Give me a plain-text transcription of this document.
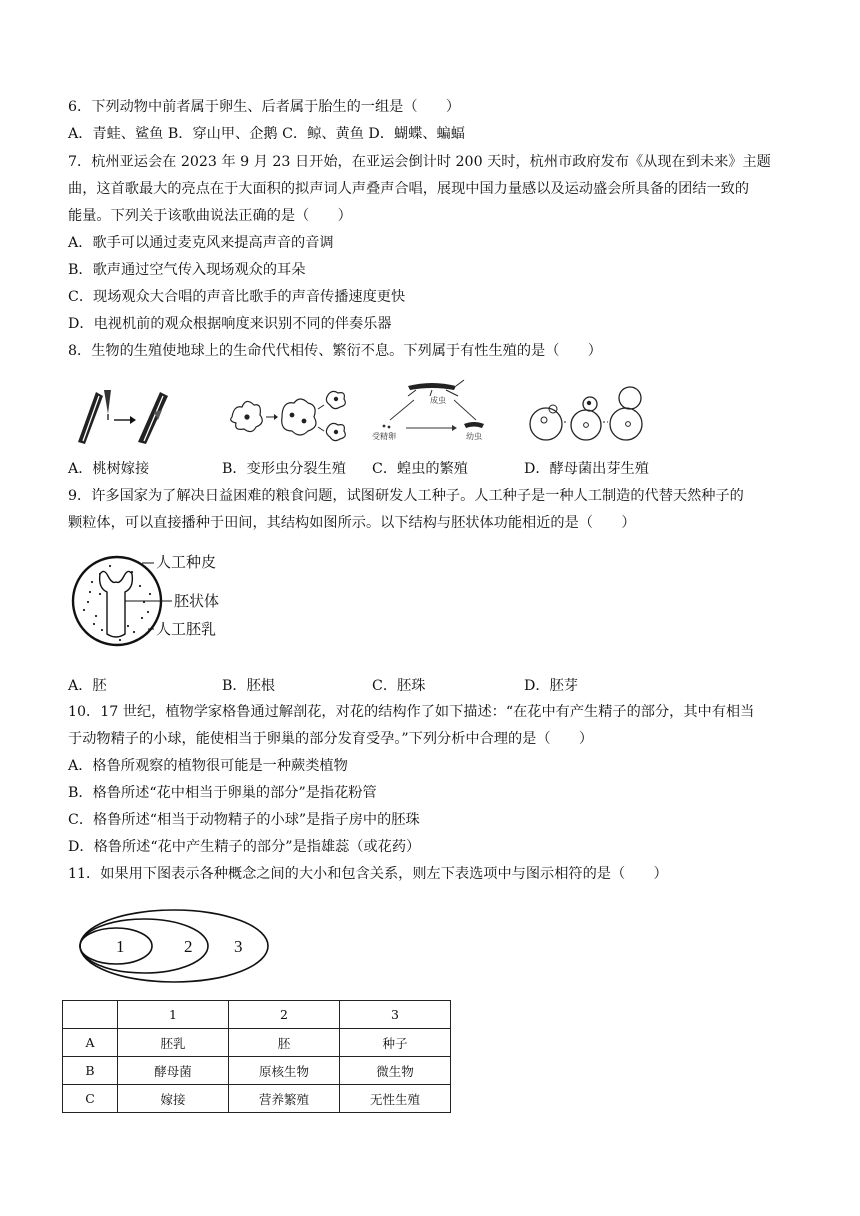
6．下列动物中前者属于卵生、后者属于胎生的一组是（　　）
A．青蛙、鲨鱼 B．穿山甲、企鹅 C．鲸、黄鱼 D．蝴蝶、蝙蝠
7．杭州亚运会在 2023 年 9 月 23 日开始，在亚运会倒计时 200 天时，杭州市政府发布《从现在到未来》主题
曲，这首歌最大的亮点在于大面积的拟声词人声叠声合唱，展现中国力量感以及运动盛会所具备的团结一致的
能量。下列关于该歌曲说法正确的是（　　）
A．歌手可以通过麦克风来提高声音的音调
B．歌声通过空气传入现场观众的耳朵
C．现场观众大合唱的声音比歌手的声音传播速度更快
D．电视机前的观众根据响度来识别不同的伴奏乐器
8．生物的生殖使地球上的生命代代相传、繁衍不息。下列属于有性生殖的是（　　）
成虫
受精卵	幼虫
A．桃树嫁接	B．变形虫分裂生殖 C．蝗虫的繁殖	D．酵母菌出芽生殖
9．许多国家为了解决日益困难的粮食问题，试图研发人工种子。人工种子是一种人工制造的代替天然种子的
颗粒体，可以直接播种于田间，其结构如图所示。以下结构与胚状体功能相近的是（　　）
人工种皮
胚状体
人工胚乳
A．胚	B．胚根	C．胚珠	D．胚芽
10．17 世纪，植物学家格鲁通过解剖花，对花的结构作了如下描述：“在花中有产生精子的部分，其中有相当
于动物精子的小球，能使相当于卵巢的部分发育受孕。”下列分析中合理的是（　　）
A．格鲁所观察的植物很可能是一种蕨类植物
B．格鲁所述“花中相当于卵巢的部分”是指花粉管
C．格鲁所述“相当于动物精子的小球”是指子房中的胚珠
D．格鲁所述“花中产生精子的部分”是指雄蕊（或花药）
11．如果用下图表示各种概念之间的大小和包含关系，则左下表选项中与图示相符的是（　　）
1	2 3
	1	2	3
A	胚乳	胚	种子
B	酵母菌	原核生物	微生物
C	嫁接	营养繁殖	无性生殖
